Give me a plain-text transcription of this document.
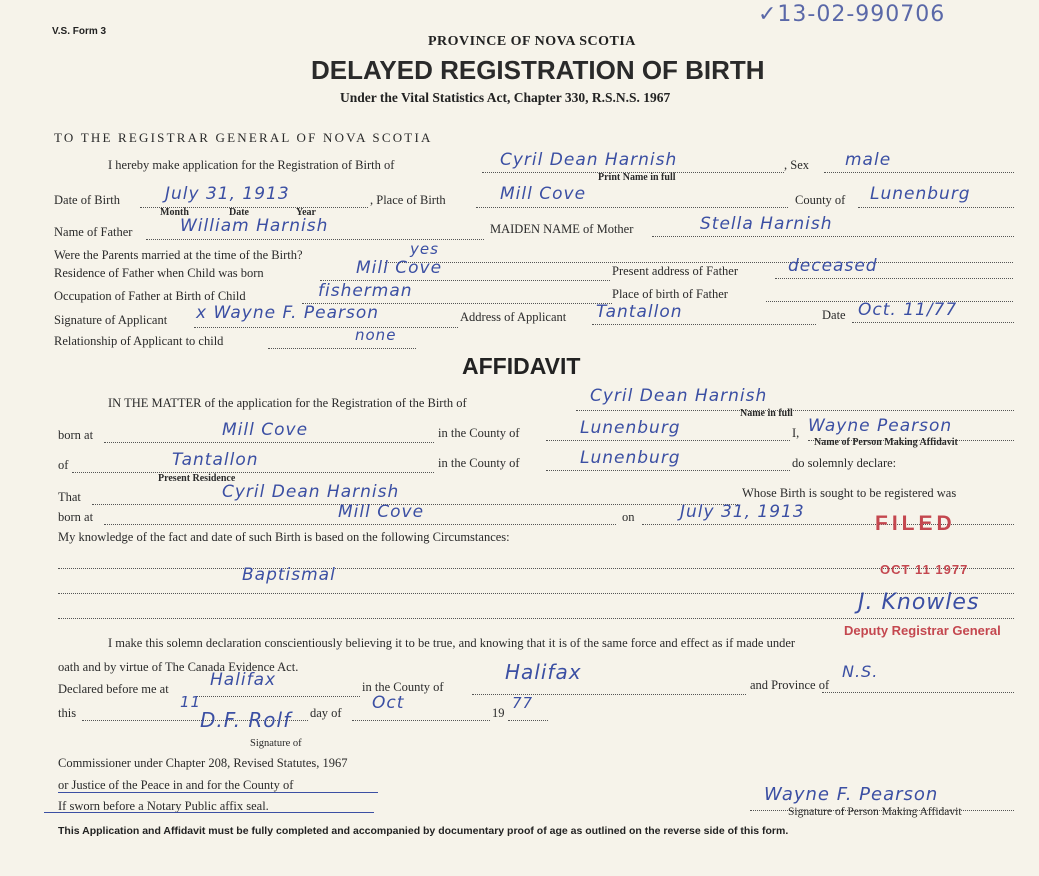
V.S. Form 3
✓13-02-990706
PROVINCE OF NOVA SCOTIA
DELAYED REGISTRATION OF BIRTH
Under the Vital Statistics Act, Chapter 330, R.S.N.S. 1967
TO THE REGISTRAR GENERAL OF NOVA SCOTIA
I hereby make application for the Registration of Birth of	Cyril Dean Harnish
Print Name in full
, Sex male
Date of Birth	July 31, 1913
Month	Date	Year
, Place of Birth	Mill Cove	County of Lunenburg
Name of Father	William Harnish	MAIDEN NAME of Mother	Stella Harnish
Were the Parents married at the time of the Birth?	yes
Residence of Father when Child was born	Mill Cove	Present address of Father	deceased
Occupation of Father at Birth of Child	fisherman	Place of birth of Father
Signature of Applicant x Wayne F. Pearson	Address of Applicant Tantallon	Date Oct. 11/77
Relationship of Applicant to child	none
AFFIDAVIT
IN THE MATTER of the application for the Registration of the Birth of	Cyril Dean Harnish
Name in full
born at	Mill Cove	in the County of	Lunenburg	I, Wayne Pearson
Name of Person Making Affidavit
of	Tantallon
Present Residence
in the County of	Lunenburg	do solemnly declare:
That	Cyril Dean Harnish	Whose Birth is sought to be registered was
born at	Mill Cove	on	July 31, 1913
My knowledge of the fact and date of such Birth is based on the following Circumstances:
Baptismal
I make this solemn declaration conscientiously believing it to be true, and knowing that it is of the same force and effect as if made under
oath and by virtue of The Canada Evidence Act.
Declared before me at Halifax	in the County of
Halifax
and Province of
N.S.
this
11
day of Oct	19
77
D.F. Rolf
Signature of
Commissioner under Chapter 208, Revised Statutes, 1967
or Justice of the Peace in and for the County of
If sworn before a Notary Public affix seal.
Wayne F. Pearson
Signature of Person Making Affidavit
FILED
OCT 11 1977
J. Knowles
Deputy Registrar General
This Application and Affidavit must be fully completed and accompanied by documentary proof of age as outlined on the reverse side of this form.
